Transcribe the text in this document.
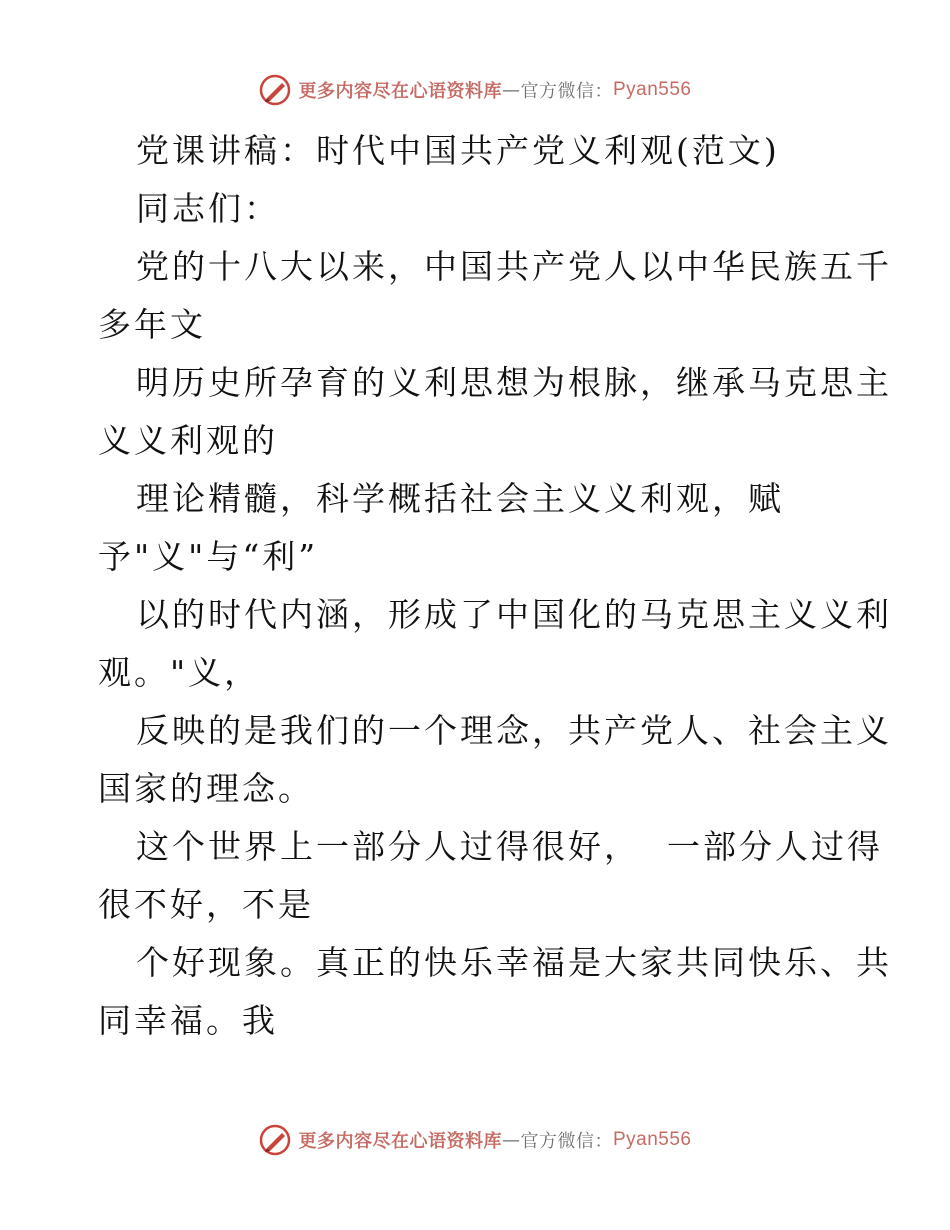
更多内容尽在心语资料库 — 官方微信： Pyan556

党课讲稿：时代中国共产党义利观(范文)

同志们：

党的十八大以来，中国共产党人以中华民族五千

多年文

明历史所孕育的义利思想为根脉，继承马克思主

义义利观的

理论精髓，科学概括社会主义义利观，赋

予"义"与“利”

以的时代内涵，形成了中国化的马克思主义义利

观。"义，

反映的是我们的一个理念，共产党人、社会主义

国家的理念。

这个世界上一部分人过得很好，  一部分人过得

很不好，不是

个好现象。真正的快乐幸福是大家共同快乐、共

同幸福。我

更多内容尽在心语资料库 — 官方微信： Pyan556
